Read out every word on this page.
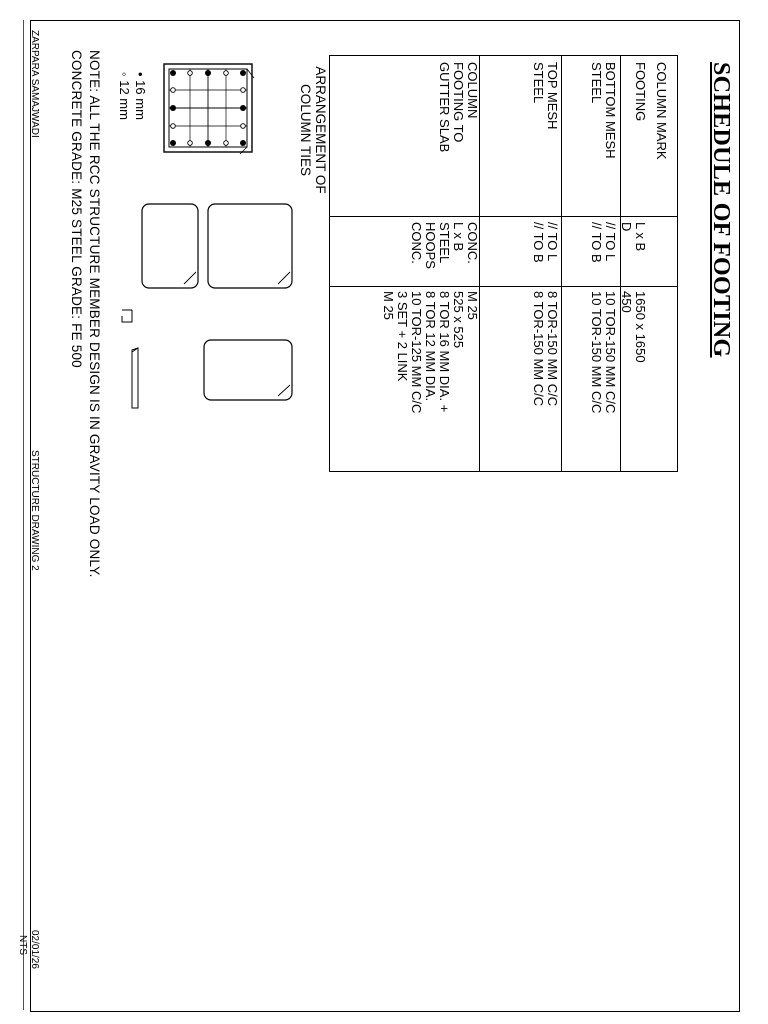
SCHEDULE OF FOOTING
COLUMN MARK
FOOTING
BOTTOM MESH
STEEL
TOP MESH
STEEL
COLUMN
FOOTING TO
GUTTER SLAB
L x B
D
// TO L
// TO B
// TO L
// TO B
CONC.
L x B
STEEL
HOOPS
CONC.
1650 x 1650
450
10 TOR-150 MM C/C
10 TOR-150 MM C/C
8 TOR-150 MM C/C
8 TOR-150 MM C/C
M 25
525 x 525
8 TOR 16 MM DIA. +
8 TOR 12 MM DIA.
10 TOR-125 MM C/C
3 SET + 2 LINK
M 25
ARRANGEMENT OF
COLUMN TIES
• 16 mm
◦ 12 mm
NOTE: ALL THE RCC STRUCTURE MEMBER DESIGN IS IN GRAVITY LOAD ONLY.
CONCRETE GRADE: M25 STEEL GRADE: FE 500
ZARPARA SAMAJWADI
STRUCTURE DRAWING 2
02/01/26
NTS
